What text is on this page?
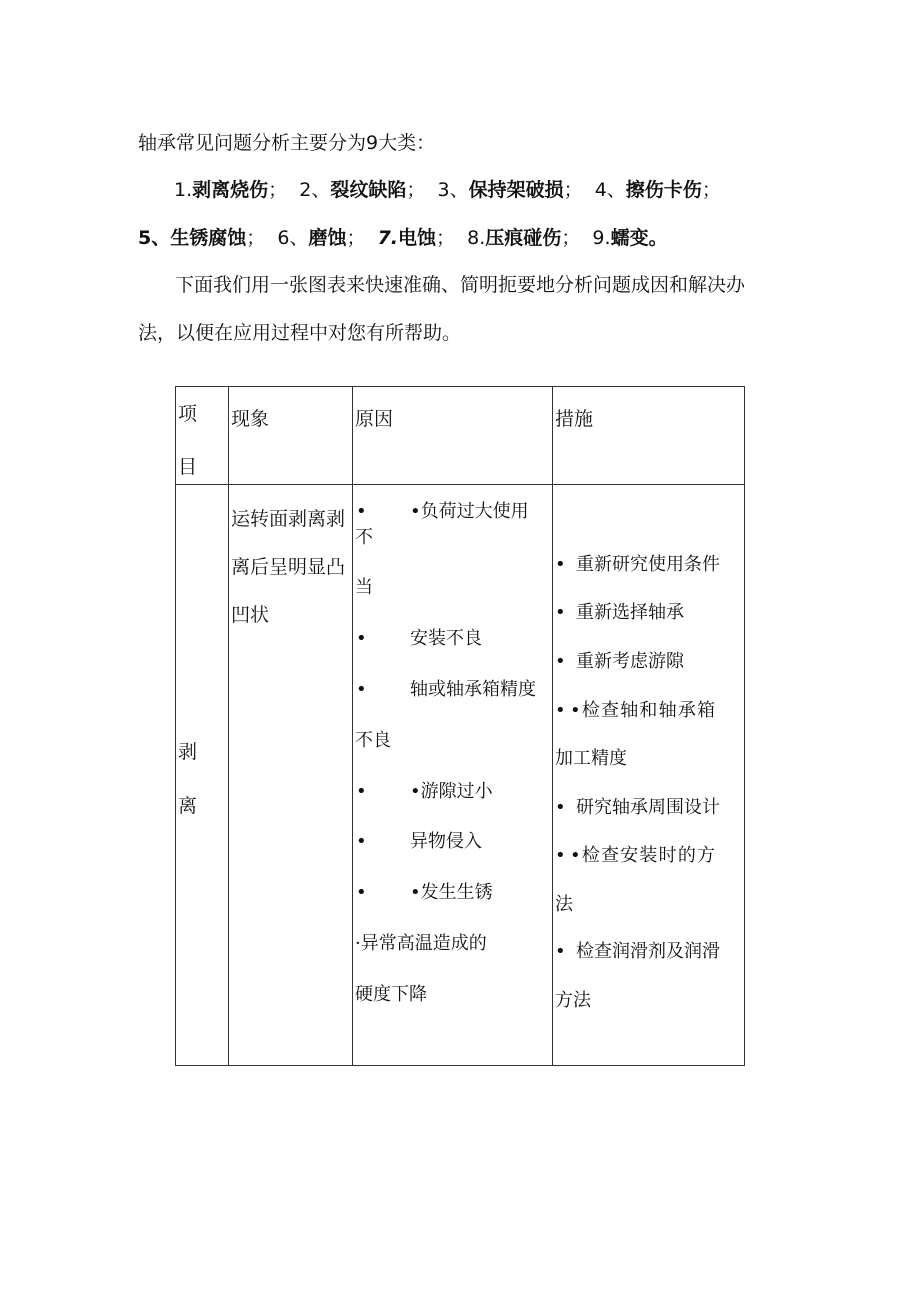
轴承常见问题分析主要分为9大类：
1.剥离烧伤； 2、裂纹缺陷； 3、保持架破损； 4、擦伤卡伤；
5、生锈腐蚀； 6、磨蚀； 7.电蚀； 8.压痕碰伤； 9.蠕变。
下面我们用一张图表来快速准确、简明扼要地分析问题成因和解决办
法，以便在应用过程中对您有所帮助。
项
目
现象	原因	措施
剥
离
运转面剥离剥
离后呈明显凸
凹状
• •负荷过大使用
不
当
• 安装不良
• 轴或轴承箱精度
不良
• •游隙过小
• 异物侵入
• •发生生锈
·异常高温造成的
硬度下降
• 重新研究使用条件
• 重新选择轴承
• 重新考虑游隙
• •检查轴和轴承箱
加工精度
• 研究轴承周围设计
• •检查安装时的方
法
• 检查润滑剂及润滑
方法
